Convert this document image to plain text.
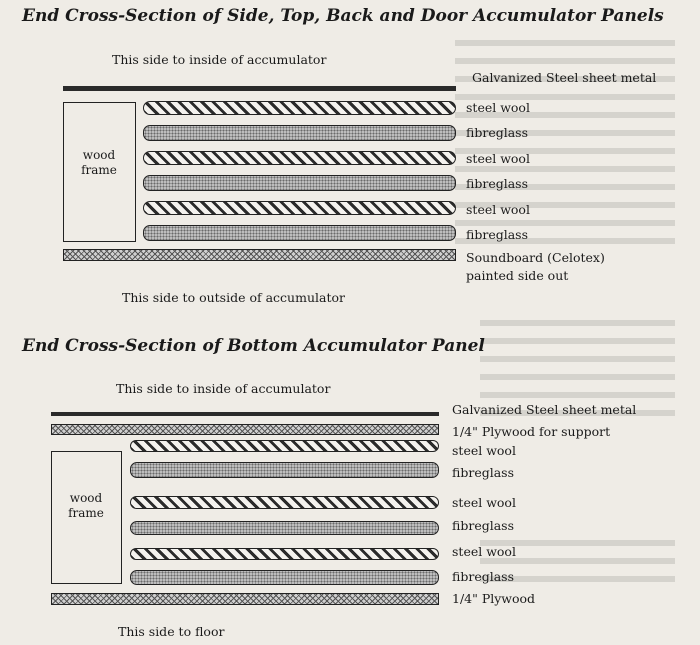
End Cross-Section of Side, Top, Back and Door Accumulator Panels
This side to inside of accumulator
Galvanized Steel sheet metal
wood
frame
steel wool
fibreglass
steel wool
fibreglass
steel wool
fibreglass
Soundboard (Celotex)
painted side out
This side to outside of accumulator
End Cross-Section of Bottom Accumulator Panel
This side to inside of accumulator
Galvanized Steel sheet metal
1/4" Plywood for support
wood
frame
steel wool
fibreglass
steel wool
fibreglass
steel wool
fibreglass
1/4" Plywood
This side to floor
